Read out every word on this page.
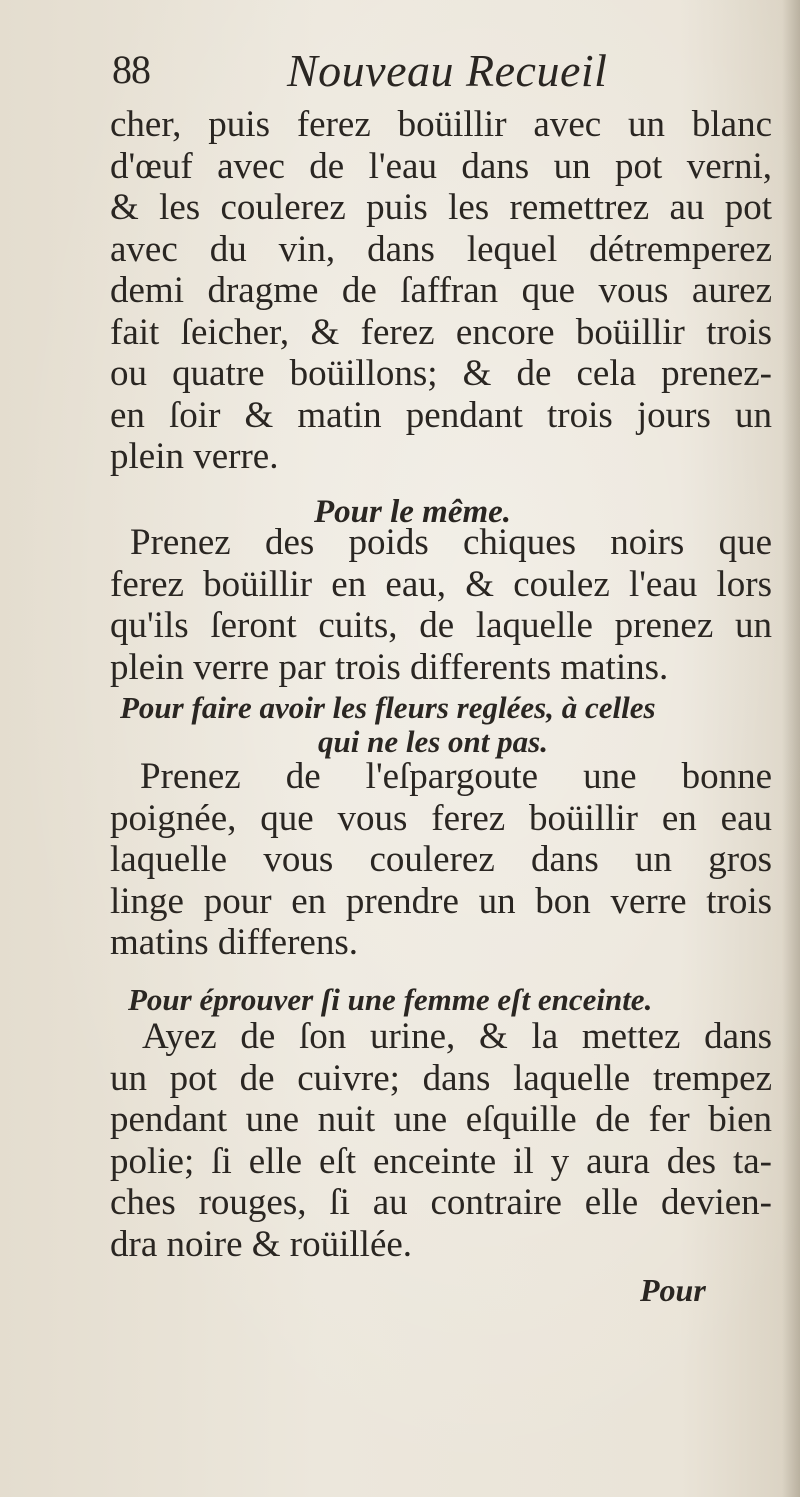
88	Nouveau Recueil
cher, puis ferez boüillir avec un blanc
d'œuf avec de l'eau dans un pot verni,
& les coulerez puis les remettrez au pot
avec du vin, dans lequel détremperez
demi dragme de ſaffran que vous aurez
fait ſeicher, & ferez encore boüillir trois
ou quatre boüillons; & de cela prenez-
en ſoir & matin pendant trois jours un
plein verre.
Pour le même.
Prenez des poids chiques noirs que
ferez boüillir en eau, & coulez l'eau lors
qu'ils ſeront cuits, de laquelle prenez un
plein verre par trois differents matins.
Pour faire avoir les fleurs reglées, à celles
qui ne les ont pas.
Prenez de l'eſpargoute une bonne
poignée, que vous ferez boüillir en eau
laquelle vous coulerez dans un gros
linge pour en prendre un bon verre trois
matins differens.
Pour éprouver ſi une femme eſt enceinte.
Ayez de ſon urine, & la mettez dans
un pot de cuivre; dans laquelle trempez
pendant une nuit une eſquille de fer bien
polie; ſi elle eſt enceinte il y aura des ta-
ches rouges, ſi au contraire elle devien-
dra noire & roüillée.
Pour
